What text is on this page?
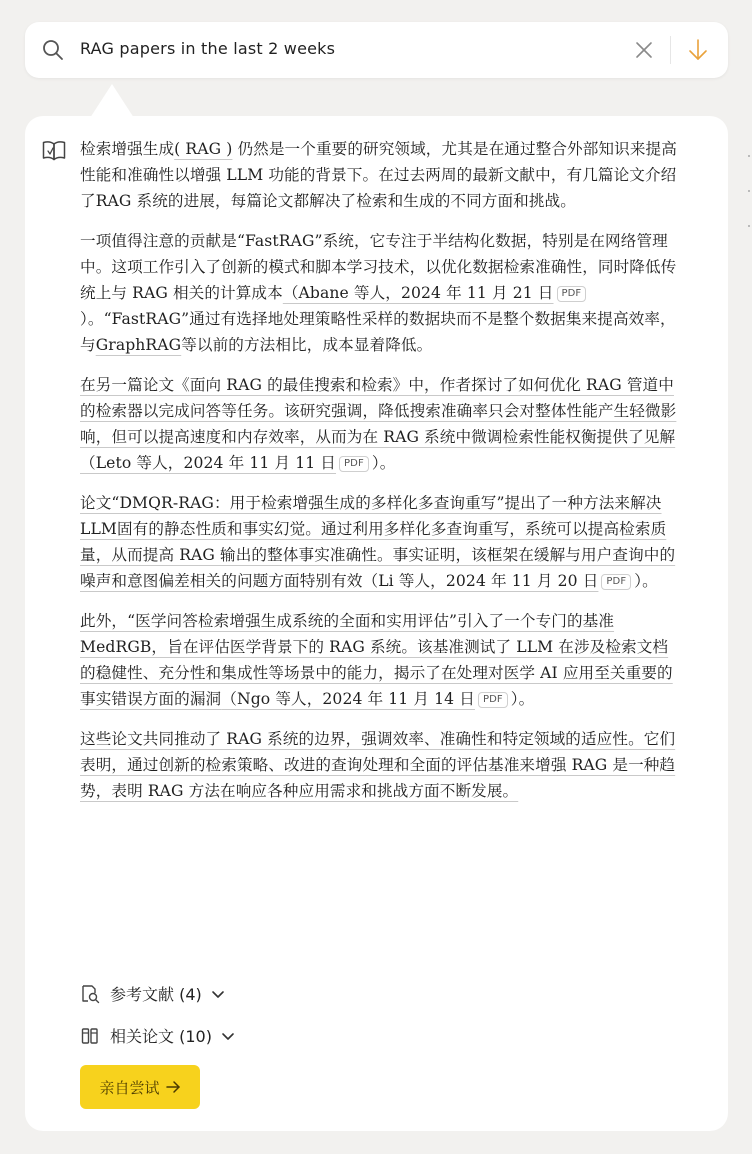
RAG papers in the last 2 weeks

检索增强生成( RAG ) 仍然是一个重要的研究领域，尤其是在通过整合外部知识来提高性能和准确性以增强 LLM 功能的背景下。在过去两周的最新文献中，有几篇论文介绍了RAG 系统的进展，每篇论文都解决了检索和生成的不同方面和挑战。

一项值得注意的贡献是“FastRAG”系统，它专注于半结构化数据，特别是在网络管理中。这项工作引入了创新的模式和脚本学习技术，以优化数据检索准确性，同时降低传统上与 RAG 相关的计算成本（Abane 等人，2024 年 11 月 21 日 PDF）。“FastRAG”通过有选择地处理策略性采样的数据块而不是整个数据集来提高效率，与GraphRAG等以前的方法相比，成本显着降低。

在另一篇论文《面向 RAG 的最佳搜索和检索》中，作者探讨了如何优化 RAG 管道中的检索器以完成问答等任务。该研究强调，降低搜索准确率只会对整体性能产生轻微影响，但可以提高速度和内存效率，从而为在 RAG 系统中微调检索性能权衡提供了见解（Leto 等人，2024 年 11 月 11 日 PDF ）。

论文“DMQR-RAG：用于检索增强生成的多样化多查询重写”提出了一种方法来解决LLM固有的静态性质和事实幻觉。通过利用多样化多查询重写，系统可以提高检索质量，从而提高 RAG 输出的整体事实准确性。事实证明，该框架在缓解与用户查询中的噪声和意图偏差相关的问题方面特别有效（Li 等人，2024 年 11 月 20 日 PDF ）。

此外，“医学问答检索增强生成系统的全面和实用评估”引入了一个专门的基准 MedRGB，旨在评估医学背景下的 RAG 系统。该基准测试了 LLM 在涉及检索文档的稳健性、充分性和集成性等场景中的能力，揭示了在处理对医学 AI 应用至关重要的事实错误方面的漏洞（Ngo 等人，2024 年 11 月 14 日 PDF ）。

这些论文共同推动了 RAG 系统的边界，强调效率、准确性和特定领域的适应性。它们表明，通过创新的检索策略、改进的查询处理和全面的评估基准来增强 RAG 是一种趋势，表明 RAG 方法在响应各种应用需求和挑战方面不断发展。

参考文献 (4)
相关论文 (10)
亲自尝试
